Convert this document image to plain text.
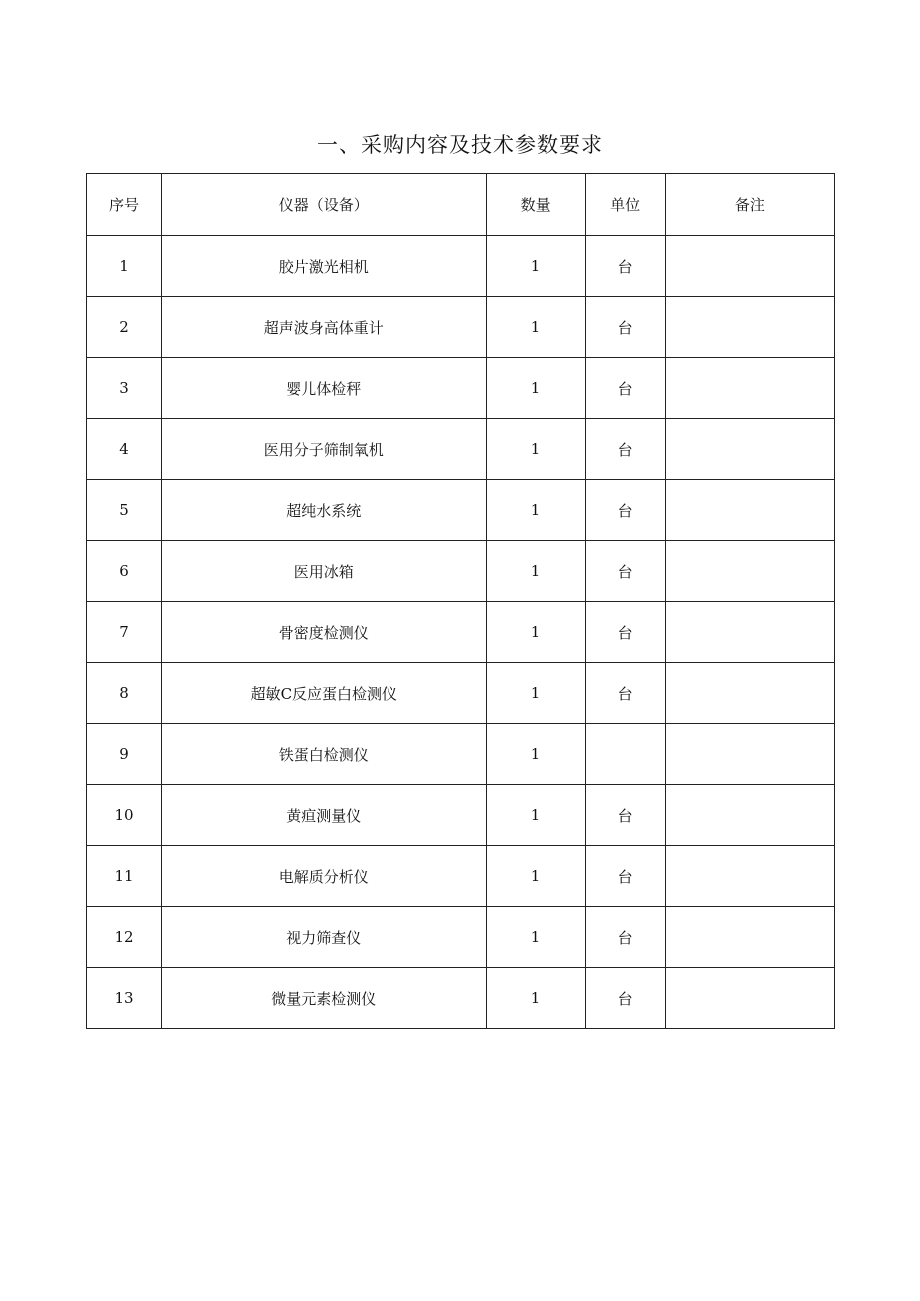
一、采购内容及技术参数要求
序号	仪器（设备）	数量	单位	备注
1	胶片激光相机	1	台	
2	超声波身高体重计	1	台	
3	婴儿体检秤	1	台	
4	医用分子筛制氧机	1	台	
5	超纯水系统	1	台	
6	医用冰箱	1	台	
7	骨密度检测仪	1	台	
8	超敏C反应蛋白检测仪	1	台	
9	铁蛋白检测仪	1		
10	黄疸测量仪	1	台	
11	电解质分析仪	1	台	
12	视力筛查仪	1	台	
13	微量元素检测仪	1	台	
